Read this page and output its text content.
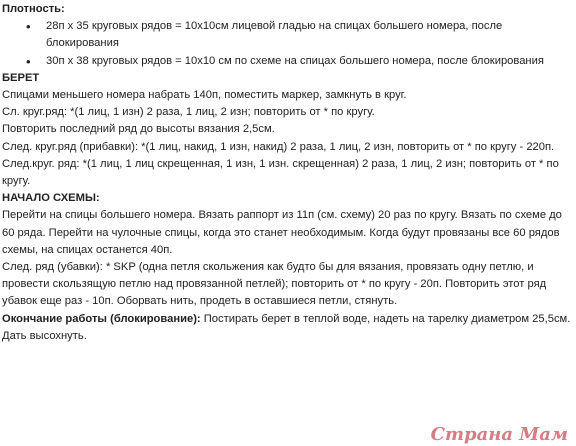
Плотность:

•	28п х 35 круговых рядов = 10х10см лицевой гладью на спицах большего номера, после блокирования
•	30п х 38 круговых рядов = 10х10 см по схеме на спицах большего номера, после блокирования

БЕРЕТ

Спицами меньшего номера набрать 140п, поместить маркер, замкнуть в круг.

Сл. круг.ряд: *(1 лиц, 1 изн) 2 раза, 1 лиц, 2 изн; повторить от * по кругу.

Повторить последний ряд до высоты вязания 2,5см.

След. круг.ряд (прибавки): *(1 лиц, накид, 1 изн, накид) 2 раза, 1 лиц, 2 изн, повторить от * по кругу - 220п.

След.круг. ряд: *(1 лиц, 1 лиц скрещенная, 1 изн, 1 изн. скрещенная) 2 раза, 1 лиц, 2 изн; повторить от * по кругу.

НАЧАЛО СХЕМЫ:

Перейти на спицы большего номера. Вязать раппорт из 11п (см. схему) 20 раз по кругу. Вязать по схеме до 60 ряда. Перейти на чулочные спицы, когда это станет необходимым. Когда будут провязаны все 60 рядов схемы, на спицах останется 40п.

След. ряд (убавки): * SKP (одна петля скольжения как будто бы для вязания, провязать одну петлю, и провести скользящую петлю над провязанной петлей); повторить от * по кругу - 20п. Повторить этот ряд убавок еще раз - 10п. Оборвать нить, продеть в оставшиеся петли, стянуть.

Окончание работы (блокирование): Постирать берет в теплой воде, надеть на тарелку диаметром 25,5см. Дать высохнуть.

Страна Мам
